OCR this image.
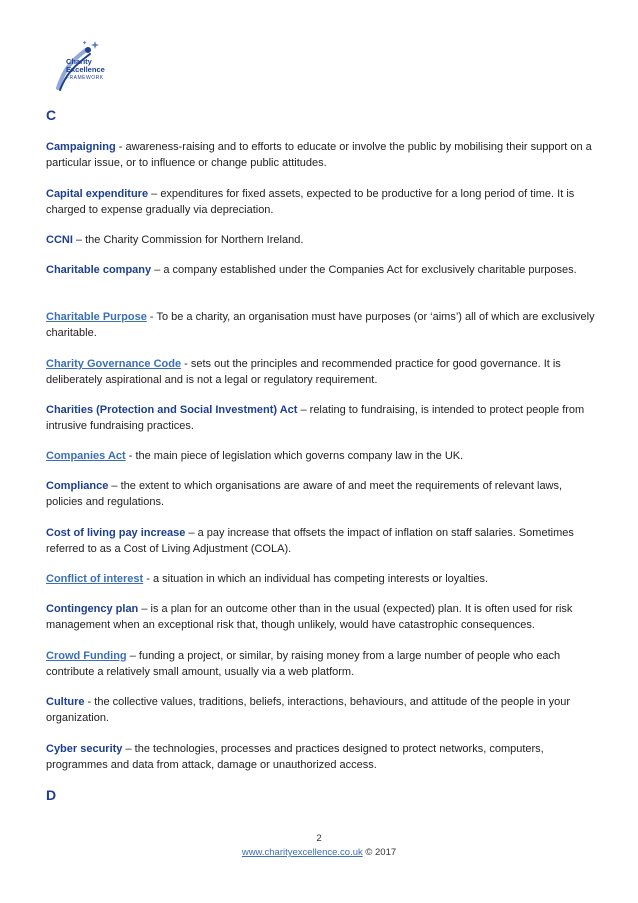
Charity
Excellence
FRAMEWORK
C
Campaigning - awareness-raising and to efforts to educate or involve the public by mobilising their support on a particular issue, or to influence or change public attitudes.
Capital expenditure – expenditures for fixed assets, expected to be productive for a long period of time. It is charged to expense gradually via depreciation.
CCNI – the Charity Commission for Northern Ireland.
Charitable company – a company established under the Companies Act for exclusively charitable purposes.
Charitable Purpose - To be a charity, an organisation must have purposes (or ‘aims’) all of which are exclusively charitable.
Charity Governance Code - sets out the principles and recommended practice for good governance. It is deliberately aspirational and is not a legal or regulatory requirement.
Charities (Protection and Social Investment) Act – relating to fundraising, is intended to protect people from intrusive fundraising practices.
Companies Act - the main piece of legislation which governs company law in the UK.
Compliance – the extent to which organisations are aware of and meet the requirements of relevant laws, policies and regulations.
Cost of living pay increase – a pay increase that offsets the impact of inflation on staff salaries. Sometimes referred to as a Cost of Living Adjustment (COLA).
Conflict of interest - a situation in which an individual has competing interests or loyalties.
Contingency plan – is a plan for an outcome other than in the usual (expected) plan. It is often used for risk management when an exceptional risk that, though unlikely, would have catastrophic consequences.
Crowd Funding – funding a project, or similar, by raising money from a large number of people who each contribute a relatively small amount, usually via a web platform.
Culture - the collective values, traditions, beliefs, interactions, behaviours, and attitude of the people in your organization.
Cyber security – the technologies, processes and practices designed to protect networks, computers, programmes and data from attack, damage or unauthorized access.
D
2
www.charityexcellence.co.uk © 2017
